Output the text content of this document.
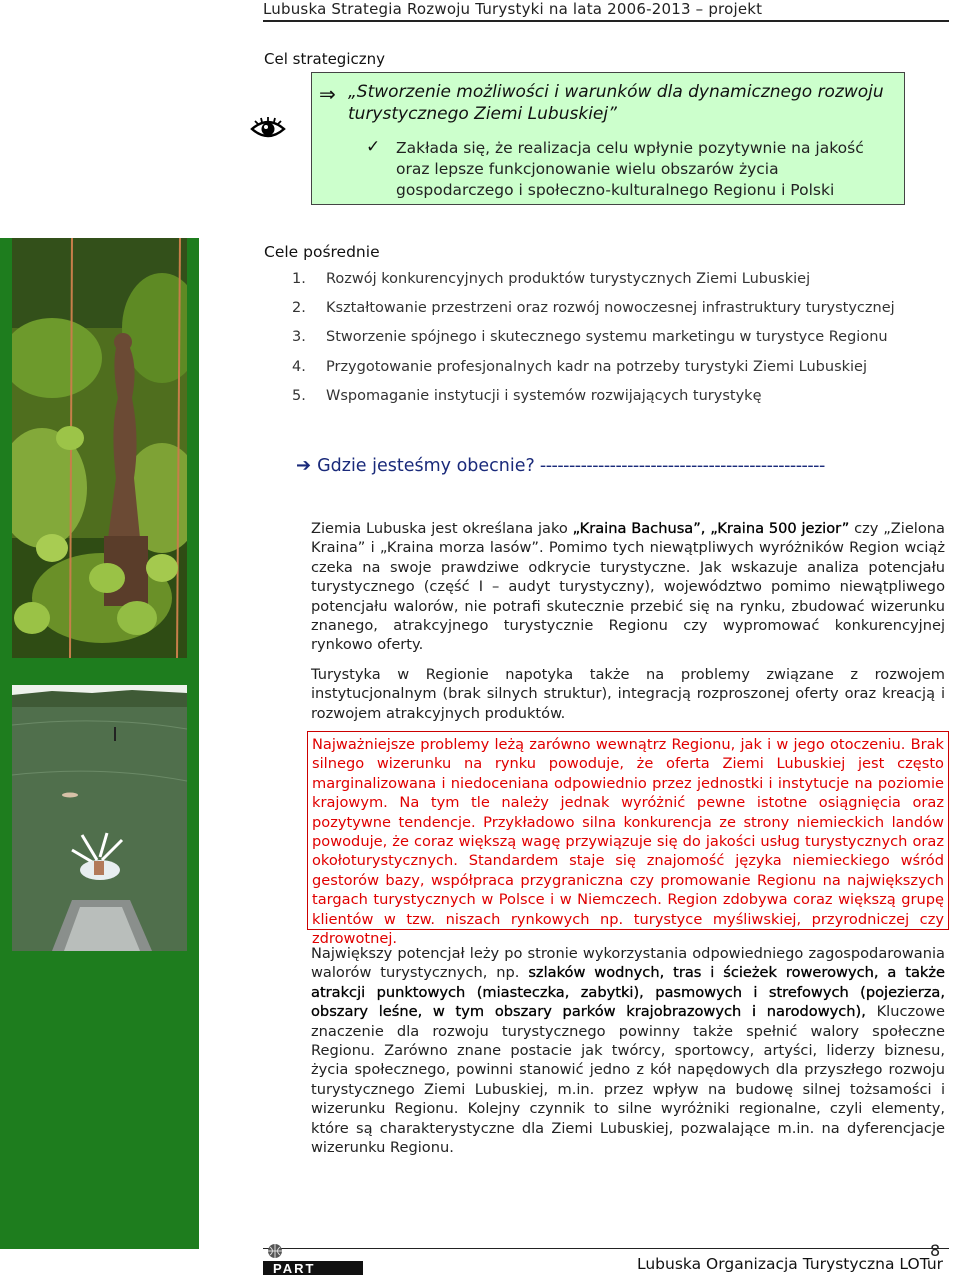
Lubuska Strategia Rozwoju Turystyki na lata 2006-2013 – projekt
Cel strategiczny
⇒ „Stworzenie możliwości i warunków dla dynamicznego rozwoju turystycznego Ziemi Lubuskiej”
✓ Zakłada się, że realizacja celu wpłynie pozytywnie na jakość oraz lepsze funkcjonowanie wielu obszarów życia gospodarczego i społeczno-kulturalnego Regionu i Polski
Cele pośrednie
1. Rozwój konkurencyjnych produktów turystycznych Ziemi Lubuskiej
2. Kształtowanie przestrzeni oraz rozwój nowoczesnej infrastruktury turystycznej
3. Stworzenie spójnego i skutecznego systemu marketingu w turystyce Regionu
4. Przygotowanie profesjonalnych kadr na potrzeby turystyki Ziemi Lubuskiej
5. Wspomaganie instytucji i systemów rozwijających turystykę
➔ Gdzie jesteśmy obecnie? -------------------------------------------------
Ziemia Lubuska jest określana jako „Kraina Bachusa”, „Kraina 500 jezior” czy „Zielona Kraina” i „Kraina morza lasów”. Pomimo tych niewątpliwych wyróżników Region wciąż czeka na swoje prawdziwe odkrycie turystyczne. Jak wskazuje analiza potencjału turystycznego (część I – audyt turystyczny), województwo pomimo niewątpliwego potencjału walorów, nie potrafi skutecznie przebić się na rynku, zbudować wizerunku znanego, atrakcyjnego turystycznie Regionu czy wypromować konkurencyjnej rynkowo oferty.
Turystyka w Regionie napotyka także na problemy związane z rozwojem instytucjonalnym (brak silnych struktur), integracją rozproszonej oferty oraz kreacją i rozwojem atrakcyjnych produktów.
Najważniejsze problemy leżą zarówno wewnątrz Regionu, jak i w jego otoczeniu. Brak silnego wizerunku na rynku powoduje, że oferta Ziemi Lubuskiej jest często marginalizowana i niedoceniana odpowiednio przez jednostki i instytucje na poziomie krajowym. Na tym tle należy jednak wyróżnić pewne istotne osiągnięcia oraz pozytywne tendencje. Przykładowo silna konkurencja ze strony niemieckich landów powoduje, że coraz większą wagę przywiązuje się do jakości usług turystycznych oraz okołoturystycznych. Standardem staje się znajomość języka niemieckiego wśród gestorów bazy, współpraca przygraniczna czy promowanie Regionu na największych targach turystycznych w Polsce i w Niemczech. Region zdobywa coraz większą grupę klientów w tzw. niszach rynkowych np. turystyce myśliwskiej, przyrodniczej czy zdrowotnej.
Największy potencjał leży po stronie wykorzystania odpowiedniego zagospodarowania walorów turystycznych, np. szlaków wodnych, tras i ścieżek rowerowych, a także atrakcji punktowych (miasteczka, zabytki), pasmowych i strefowych (pojezierza, obszary leśne, w tym obszary parków krajobrazowych i narodowych), Kluczowe znaczenie dla rozwoju turystycznego powinny także spełnić walory społeczne Regionu. Zarówno znane postacie jak twórcy, sportowcy, artyści, liderzy biznesu, życia społecznego, powinni stanowić jedno z kół napędowych dla przyszłego rozwoju turystycznego Ziemi Lubuskiej, m.in. przez wpływ na budowę silnej tożsamości i wizerunku Regionu. Kolejny czynnik to silne wyróżniki regionalne, czyli elementy, które są charakterystyczne dla Ziemi Lubuskiej, pozwalające m.in. na dyferencjacje wizerunku Regionu.
8
PART	Lubuska Organizacja Turystyczna LOTur
